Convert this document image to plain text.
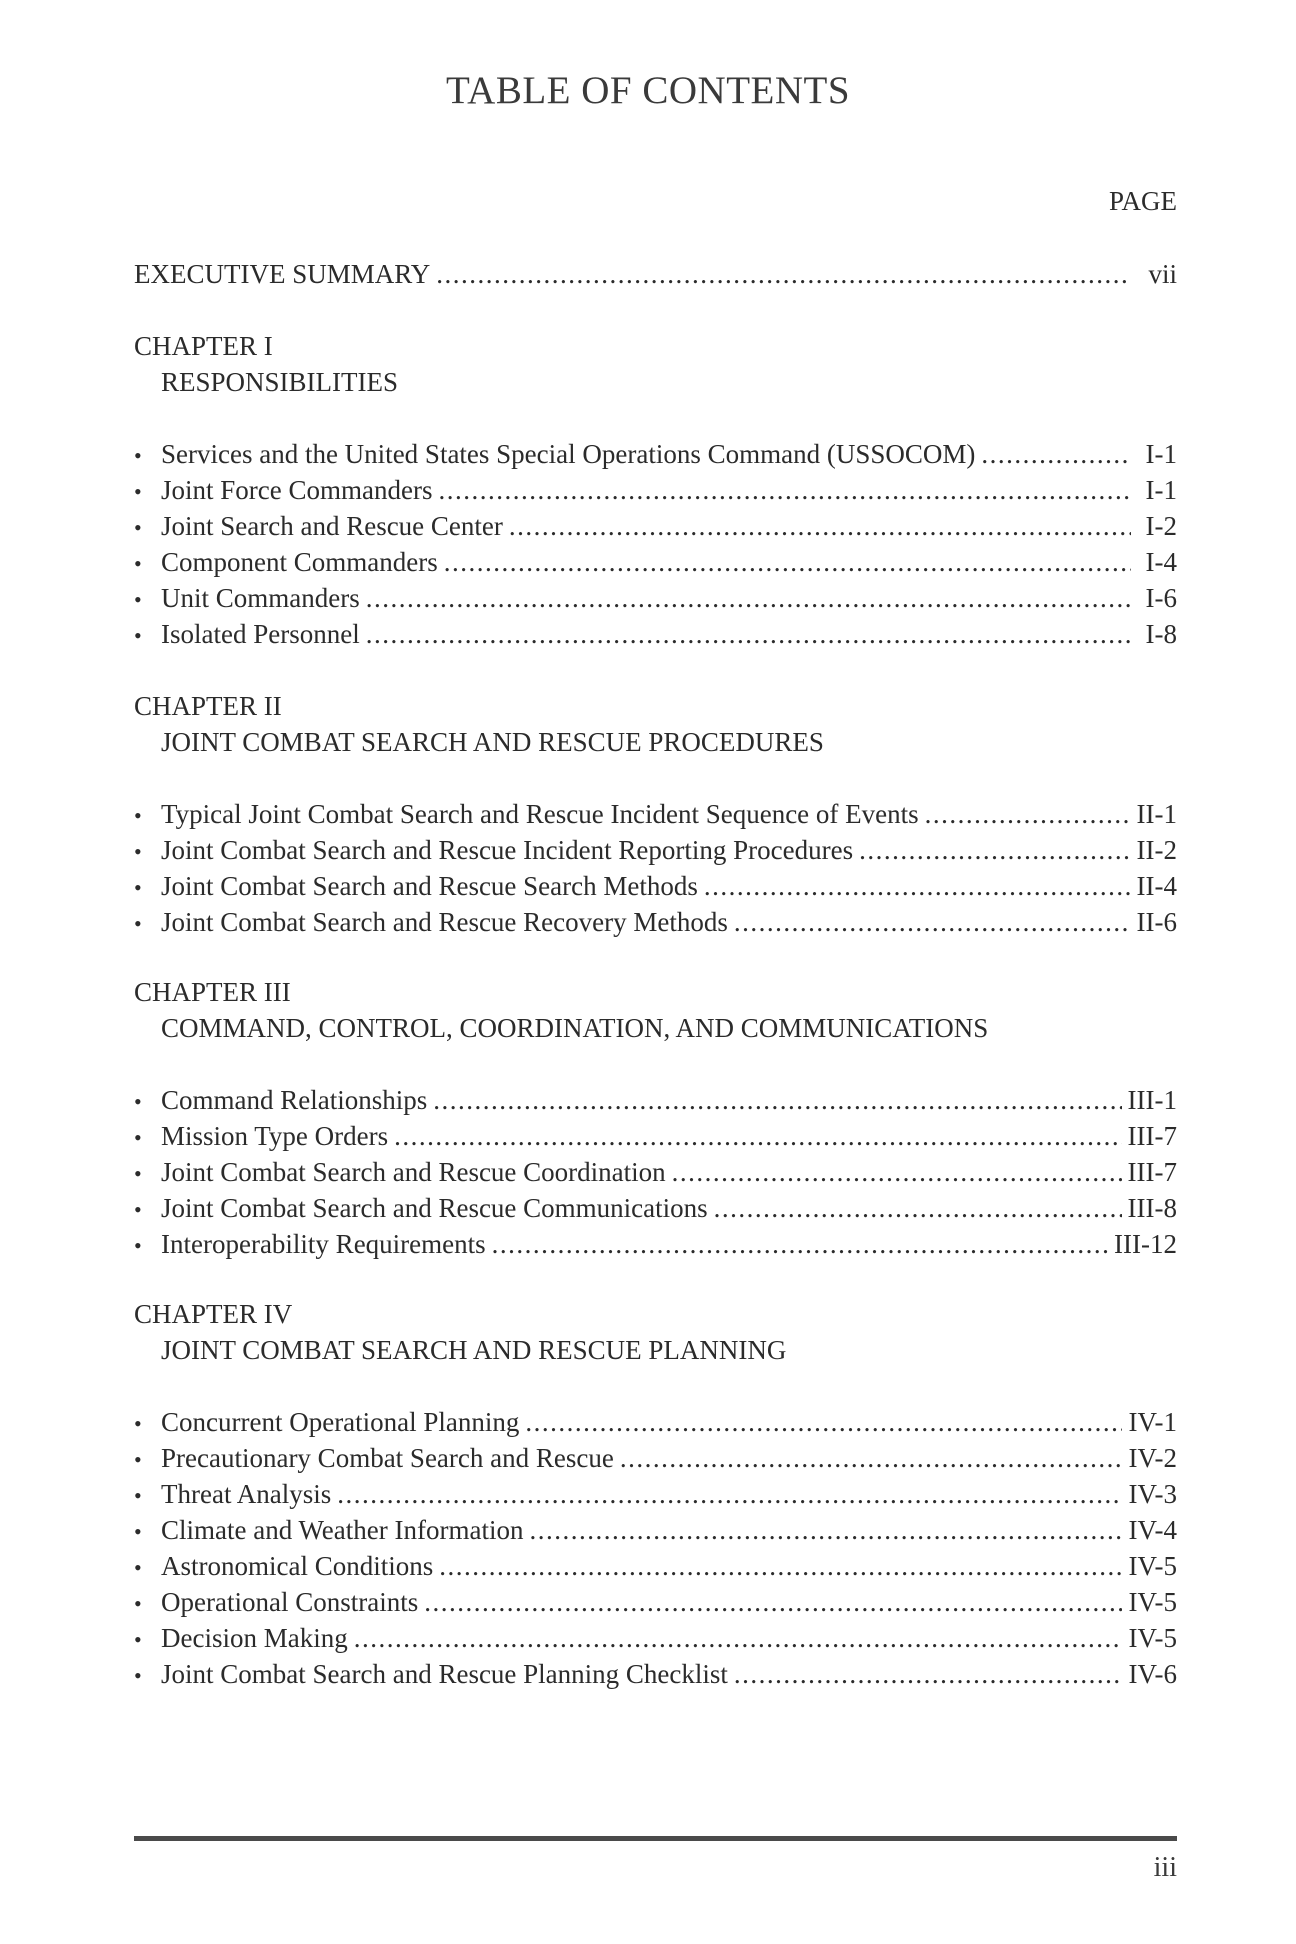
TABLE OF CONTENTS
PAGE
EXECUTIVE SUMMARY .....	vii
CHAPTER I
RESPONSIBILITIES
• Services and the United States Special Operations Command (USSOCOM) .....	I-1
• Joint Force Commanders .....	I-1
• Joint Search and Rescue Center .....	I-2
• Component Commanders .....	I-4
• Unit Commanders .....	I-6
• Isolated Personnel .....	I-8
CHAPTER II
JOINT COMBAT SEARCH AND RESCUE PROCEDURES
• Typical Joint Combat Search and Rescue Incident Sequence of Events .....	II-1
• Joint Combat Search and Rescue Incident Reporting Procedures .....	II-2
• Joint Combat Search and Rescue Search Methods .....	II-4
• Joint Combat Search and Rescue Recovery Methods .....	II-6
CHAPTER III
COMMAND, CONTROL, COORDINATION, AND COMMUNICATIONS
• Command Relationships .....	III-1
• Mission Type Orders .....	III-7
• Joint Combat Search and Rescue Coordination .....	III-7
• Joint Combat Search and Rescue Communications .....	III-8
• Interoperability Requirements .....	III-12
CHAPTER IV
JOINT COMBAT SEARCH AND RESCUE PLANNING
• Concurrent Operational Planning .....	IV-1
• Precautionary Combat Search and Rescue .....	IV-2
• Threat Analysis .....	IV-3
• Climate and Weather Information .....	IV-4
• Astronomical Conditions .....	IV-5
• Operational Constraints .....	IV-5
• Decision Making .....	IV-5
• Joint Combat Search and Rescue Planning Checklist .....	IV-6
iii
